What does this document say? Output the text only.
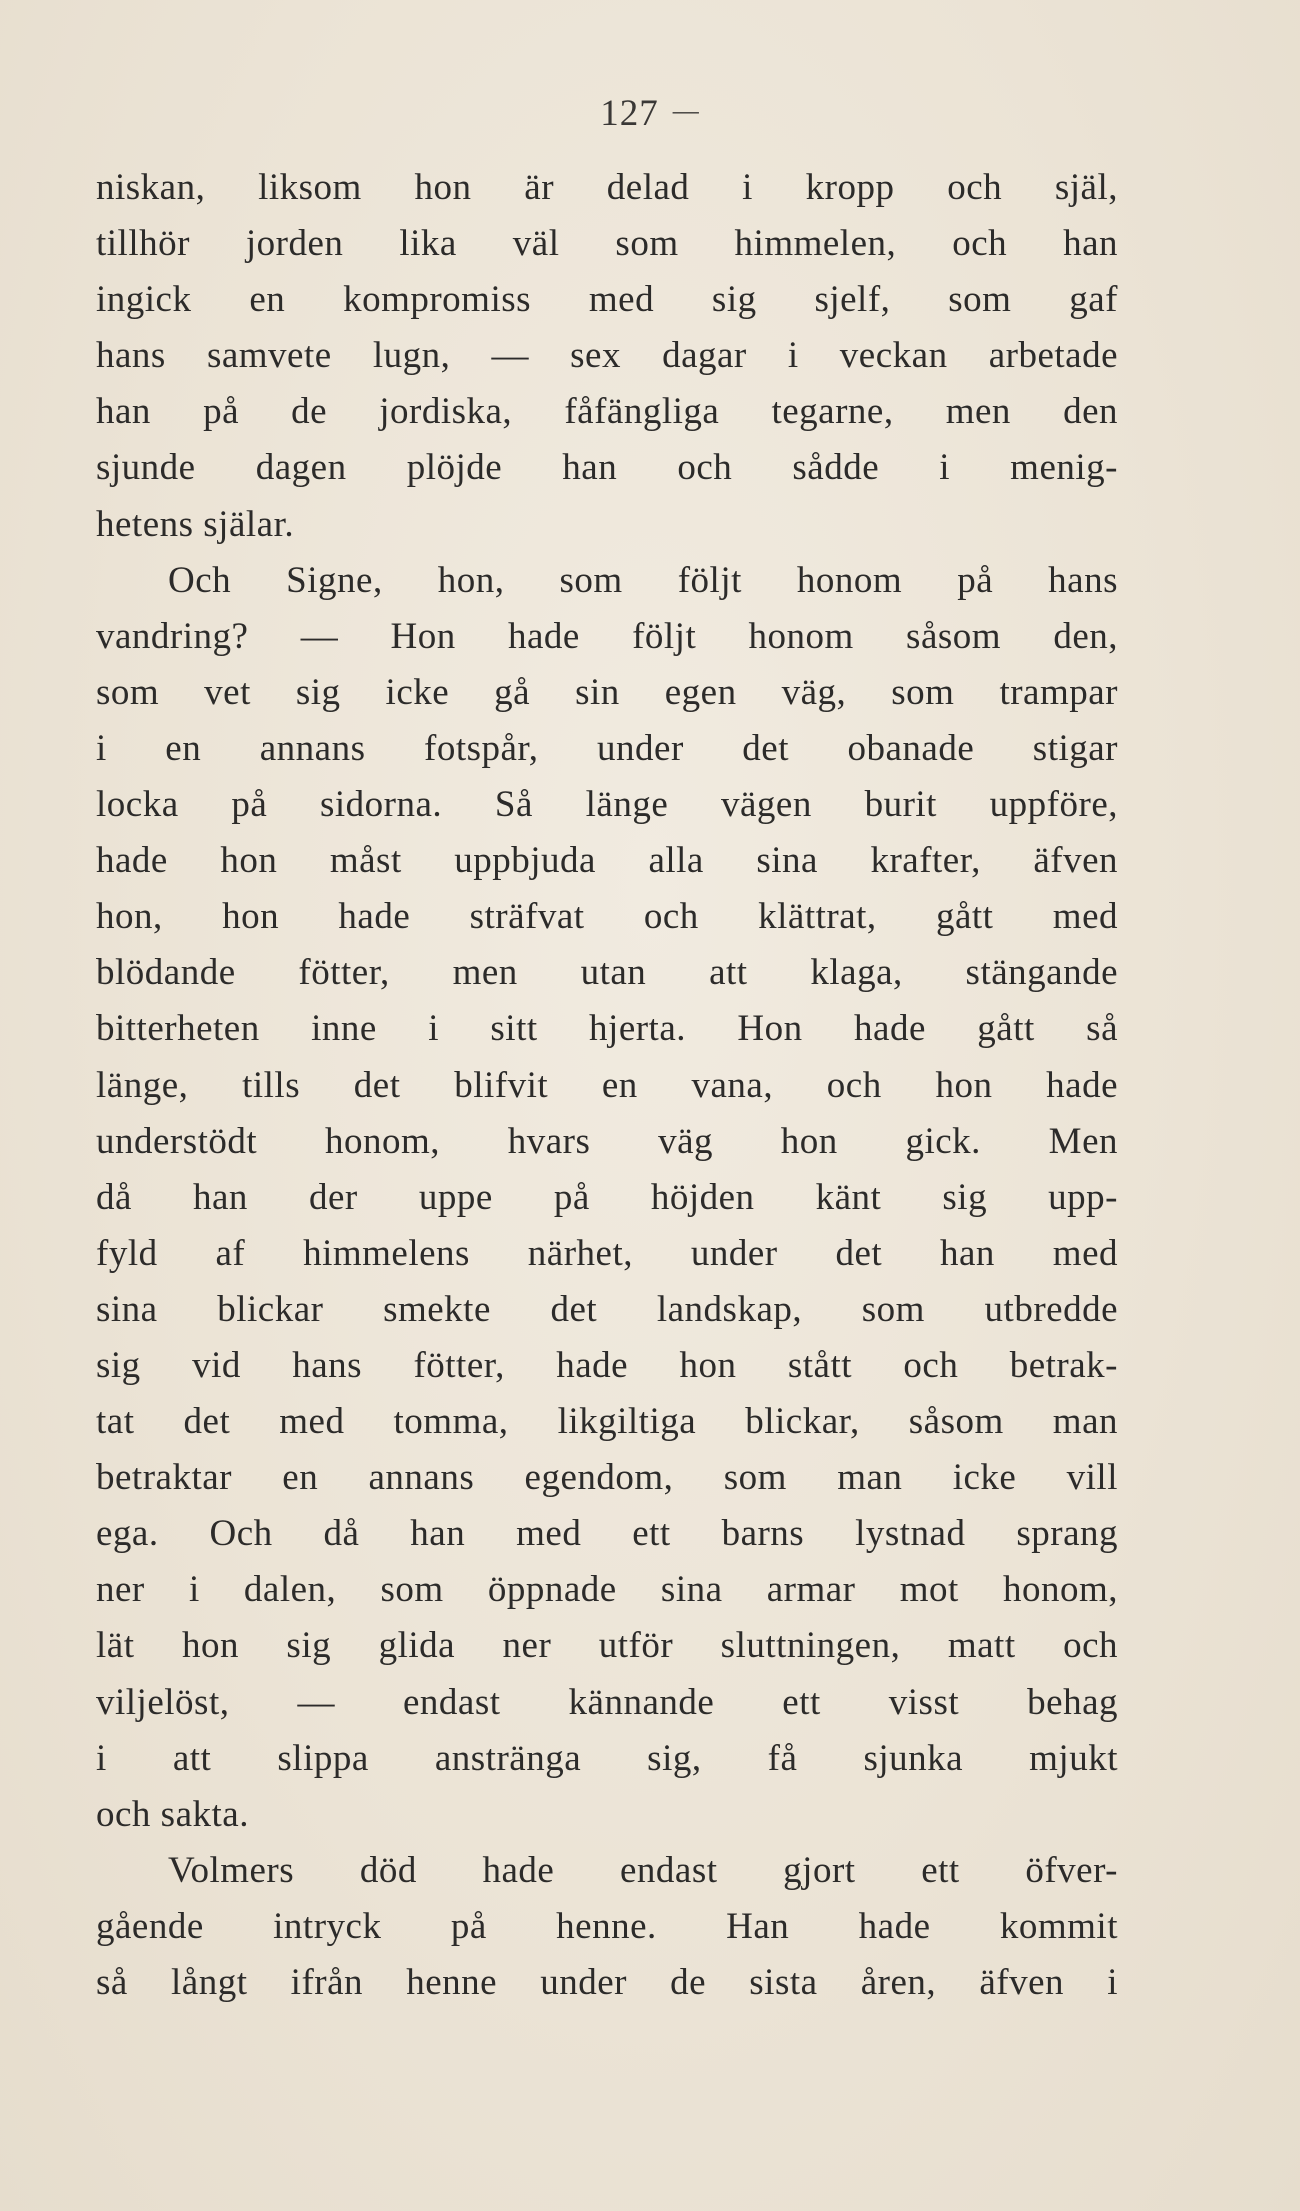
127 —
niskan, liksom hon är delad i kropp och själ,
tillhör jorden lika väl som himmelen, och han
ingick en kompromiss med sig sjelf, som gaf
hans samvete lugn, — sex dagar i veckan arbetade
han på de jordiska, fåfängliga tegarne, men den
sjunde dagen plöjde han och sådde i menig-
hetens själar.
Och Signe, hon, som följt honom på hans
vandring? — Hon hade följt honom såsom den,
som vet sig icke gå sin egen väg, som trampar
i en annans fotspår, under det obanade stigar
locka på sidorna. Så länge vägen burit uppföre,
hade hon måst uppbjuda alla sina krafter, äfven
hon, hon hade sträfvat och klättrat, gått med
blödande fötter, men utan att klaga, stängande
bitterheten inne i sitt hjerta. Hon hade gått så
länge, tills det blifvit en vana, och hon hade
understödt honom, hvars väg hon gick. Men
då han der uppe på höjden känt sig upp-
fyld af himmelens närhet, under det han med
sina blickar smekte det landskap, som utbredde
sig vid hans fötter, hade hon stått och betrak-
tat det med tomma, likgiltiga blickar, såsom man
betraktar en annans egendom, som man icke vill
ega. Och då han med ett barns lystnad sprang
ner i dalen, som öppnade sina armar mot honom,
lät hon sig glida ner utför sluttningen, matt och
viljelöst, — endast kännande ett visst behag
i att slippa anstränga sig, få sjunka mjukt
och sakta.
Volmers död hade endast gjort ett öfver-
gående intryck på henne. Han hade kommit
så långt ifrån henne under de sista åren, äfven i
